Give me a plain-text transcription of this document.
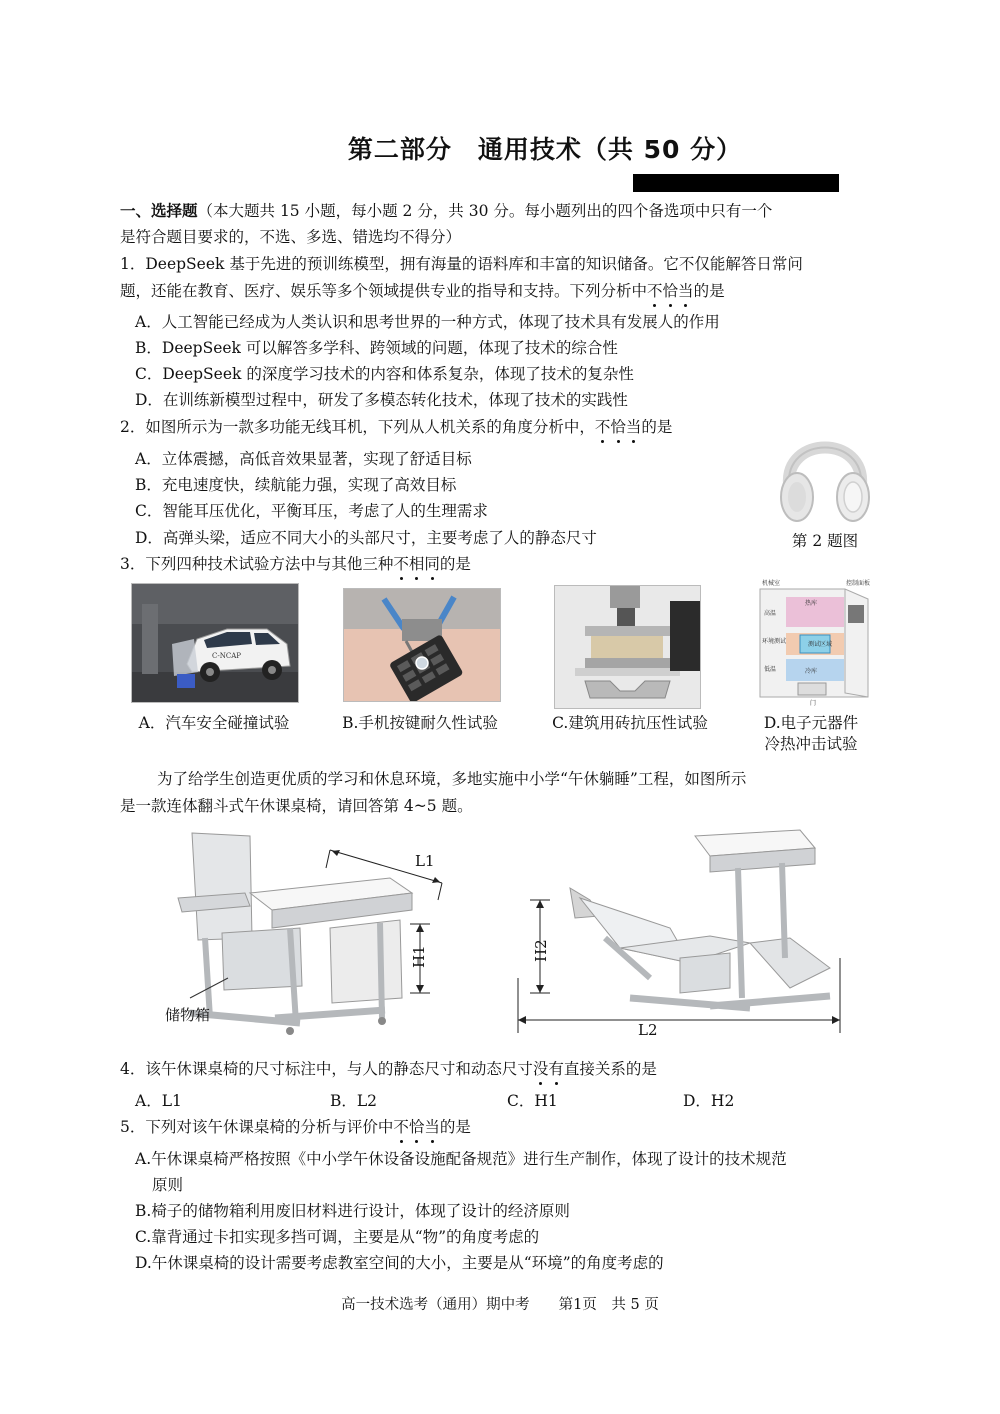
第二部分　通用技术（共 50 分）
一、选择题（本大题共 15 小题，每小题 2 分，共 30 分。每小题列出的四个备选项中只有一个
是符合题目要求的，不选、多选、错选均不得分）
1．DeepSeek 基于先进的预训练模型，拥有海量的语料库和丰富的知识储备。它不仅能解答日常问
题，还能在教育、医疗、娱乐等多个领域提供专业的指导和支持。下列分析中不恰当的是
A．人工智能已经成为人类认识和思考世界的一种方式，体现了技术具有发展人的作用
B．DeepSeek 可以解答多学科、跨领域的问题，体现了技术的综合性
C．DeepSeek 的深度学习技术的内容和体系复杂，体现了技术的复杂性
D．在训练新模型过程中，研发了多模态转化技术，体现了技术的实践性
2．如图所示为一款多功能无线耳机，下列从人机关系的角度分析中，不恰当的是
A．立体震撼，高低音效果显著，实现了舒适目标
B．充电速度快，续航能力强，实现了高效目标
C．智能耳压优化，平衡耳压，考虑了人的生理需求
D．高弹头梁，适应不同大小的头部尺寸，主要考虑了人的静态尺寸	第 2 题图
3．下列四种技术试验方法中与其他三种不相同的是
C-NCAP
机械室	控制面板
高温
环境测试	测试区域
低温
热库
冷库
门
A．汽车安全碰撞试验	B.手机按键耐久性试验	C.建筑用砖抗压性试验	D.电子元器件
冷热冲击试验
为了给学生创造更优质的学习和休息环境，多地实施中小学“午休躺睡”工程，如图所示
是一款连体翻斗式午休课桌椅，请回答第 4~5 题。
储物箱
L1
H1	H2
L2
4．该午休课桌椅的尺寸标注中，与人的静态尺寸和动态尺寸没有直接关系的是
A．L1	B．L2	C．H1	D．H2
5．下列对该午休课桌椅的分析与评价中不恰当的是
A.午休课桌椅严格按照《中小学午休设备设施配备规范》进行生产制作，体现了设计的技术规范
原则
B.椅子的储物箱利用废旧材料进行设计，体现了设计的经济原则
C.靠背通过卡扣实现多挡可调，主要是从“物”的角度考虑的
D.午休课桌椅的设计需要考虑教室空间的大小，主要是从“环境”的角度考虑的
高一技术选考（通用）期中考　　第1页　共 5 页
